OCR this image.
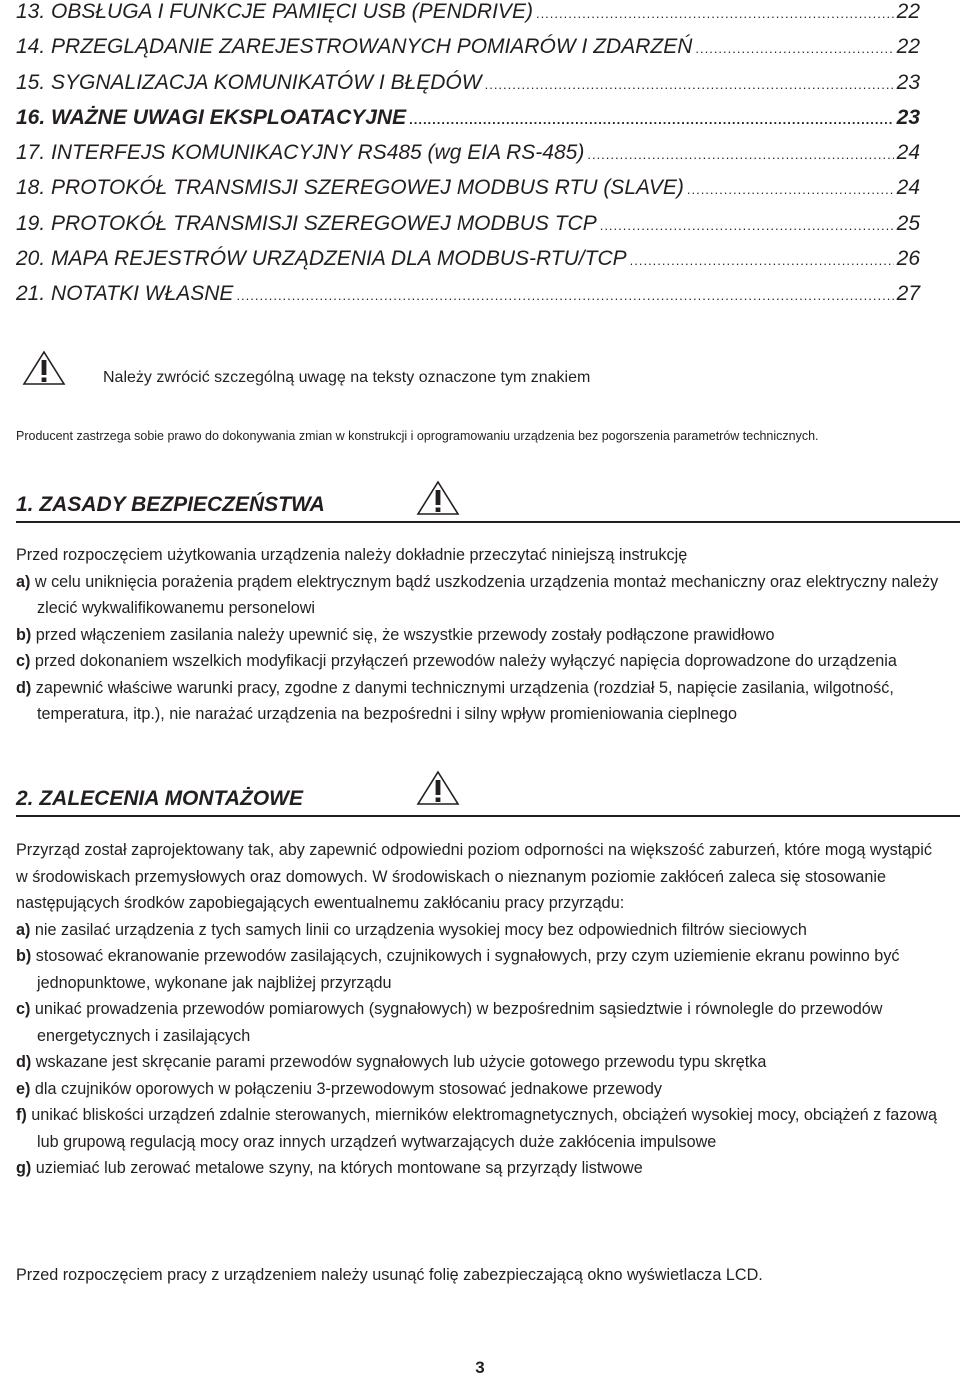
13. OBSŁUGA I FUNKCJE PAMIĘCI USB (PENDRIVE) .....	22
14. PRZEGLĄDANIE ZAREJESTROWANYCH POMIARÓW I ZDARZEŃ .....	22
15. SYGNALIZACJA KOMUNIKATÓW I BŁĘDÓW .....	23
16. WAŻNE UWAGI EKSPLOATACYJNE .....	23
17. INTERFEJS KOMUNIKACYJNY RS485 (wg EIA RS-485) .....	24
18. PROTOKÓŁ TRANSMISJI SZEREGOWEJ MODBUS RTU (SLAVE) .....	24
19. PROTOKÓŁ TRANSMISJI SZEREGOWEJ MODBUS TCP .....	25
20. MAPA REJESTRÓW URZĄDZENIA DLA MODBUS-RTU/TCP .....	26
21. NOTATKI WŁASNE .....	27
Należy zwrócić szczególną uwagę na teksty oznaczone tym znakiem
Producent zastrzega sobie prawo do dokonywania zmian w konstrukcji i oprogramowaniu urządzenia bez pogorszenia parametrów technicznych.
1. ZASADY BEZPIECZEŃSTWA

Przed rozpoczęciem użytkowania urządzenia należy dokładnie przeczytać niniejszą instrukcję

a) w celu uniknięcia porażenia prądem elektrycznym bądź uszkodzenia urządzenia montaż mechaniczny oraz elektryczny należy zlecić wykwalifikowanemu personelowi

b) przed włączeniem zasilania należy upewnić się, że wszystkie przewody zostały podłączone prawidłowo

c) przed dokonaniem wszelkich modyfikacji przyłączeń przewodów należy wyłączyć napięcia doprowadzone do urządzenia

d) zapewnić właściwe warunki pracy, zgodne z danymi technicznymi urządzenia (rozdział 5, napięcie zasilania, wilgotność, temperatura, itp.), nie narażać urządzenia na bezpośredni i silny wpływ promieniowania cieplnego

2. ZALECENIA MONTAŻOWE

Przyrząd został zaprojektowany tak, aby zapewnić odpowiedni poziom odporności na większość zaburzeń, które mogą wystąpić w środowiskach przemysłowych oraz domowych. W środowiskach o nieznanym poziomie zakłóceń zaleca się stosowanie następujących środków zapobiegających ewentualnemu zakłócaniu pracy przyrządu:

a) nie zasilać urządzenia z tych samych linii co urządzenia wysokiej mocy bez odpowiednich filtrów sieciowych

b) stosować ekranowanie przewodów zasilających, czujnikowych i sygnałowych, przy czym uziemienie ekranu powinno być jednopunktowe, wykonane jak najbliżej przyrządu

c) unikać prowadzenia przewodów pomiarowych (sygnałowych) w bezpośrednim sąsiedztwie i równolegle do przewodów energetycznych i zasilających

d) wskazane jest skręcanie parami przewodów sygnałowych lub użycie gotowego przewodu typu skrętka

e) dla czujników oporowych w połączeniu 3-przewodowym stosować jednakowe przewody

f) unikać bliskości urządzeń zdalnie sterowanych, mierników elektromagnetycznych, obciążeń wysokiej mocy, obciążeń z fazową lub grupową regulacją mocy oraz innych urządzeń wytwarzających duże zakłócenia impulsowe

g) uziemiać lub zerować metalowe szyny, na których montowane są przyrządy listwowe

Przed rozpoczęciem pracy z urządzeniem należy usunąć folię zabezpieczającą okno wyświetlacza LCD.

3
